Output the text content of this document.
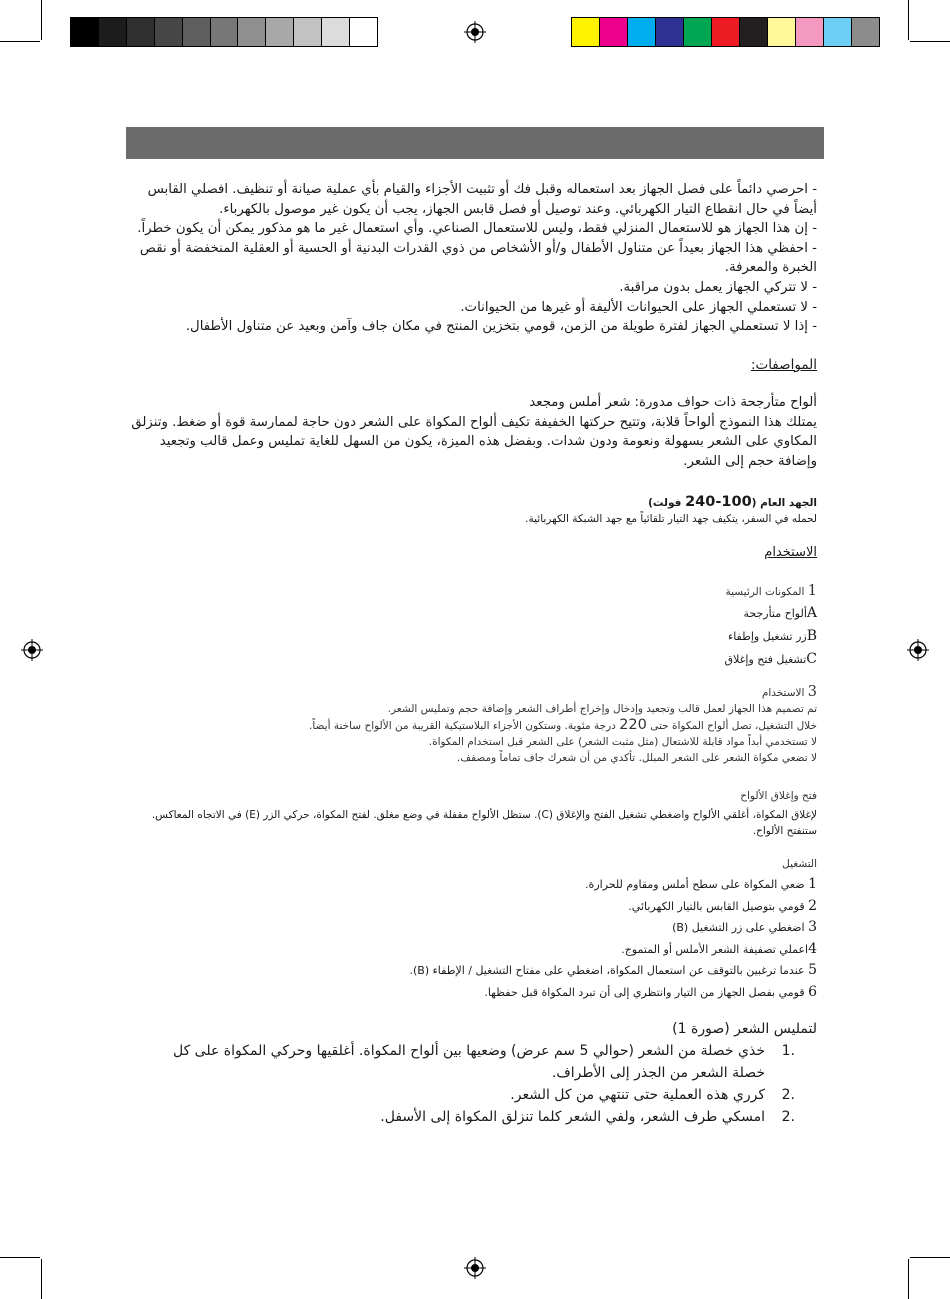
- احرصي دائماً على فصل الجهاز بعد استعماله وقبل فك أو تثبيت الأجزاء والقيام بأي عملية صيانة أو تنظيف. افصلي القابس أيضاً في حال انقطاع التيار الكهربائي. وعند توصيل أو فصل قابس الجهاز، يجب أن يكون غير موصول بالكهرباء.

- إن هذا الجهاز هو للاستعمال المنزلي فقط، وليس للاستعمال الصناعي. وأي استعمال غير ما هو مذكور يمكن أن يكون خطراً.

- احفظي هذا الجهاز بعيداً عن متناول الأطفال و/أو الأشخاص من ذوي القدرات البدنية أو الحسية أو العقلية المنخفضة أو نقص الخبرة والمعرفة.

- لا تتركي الجهاز يعمل بدون مراقبة.

- لا تستعملي الجهاز على الحيوانات الأليفة أو غيرها من الحيوانات.

- إذا لا تستعملي الجهاز لفترة طويلة من الزمن، قومي بتخزين المنتج في مكان جاف وآمن وبعيد عن متناول الأطفال.

المواصفات:

ألواح متأرجحة ذات حواف مدورة: شعر أملس ومجعد

يمتلك هذا النموذج ألواحاً قلابة، وتتيح حركتها الخفيفة تكيف ألواح المكواة على الشعر دون حاجة لممارسة قوة أو ضغط. وتنزلق المكاوي على الشعر بسهولة ونعومة ودون شدات. وبفضل هذه الميزة، يكون من السهل للغاية تمليس وعمل قالب وتجعيد وإضافة حجم إلى الشعر.

الجهد العام (100-240 فولت)
لحمله في السفر، يتكيف جهد التيار تلقائياً مع جهد الشبكة الكهربائية.
الاستخدام
1 المكونات الرئيسية
Aألواح متأرجحة
Bزر تشغيل وإطفاء
Cتشغيل فتح وإغلاق
3 الاستخدام
تم تصميم هذا الجهاز لعمل قالب وتجعيد وإدخال وإخراج أطراف الشعر وإضافة حجم وتمليس الشعر.
خلال التشغيل، تصل ألواح المكواة حتى 220 درجة مئوية. وستكون الأجزاء البلاستيكية القريبة من الألواح ساخنة أيضاً.
لا تستخدمي أبداً مواد قابلة للاشتعال (مثل مثبت الشعر) على الشعر قبل استخدام المكواة.
لا تضعي مكواة الشعر على الشعر المبلل. تأكدي من أن شعرك جاف تماماً ومصفف.
فتح وإغلاق الألواح
لإغلاق المكواة، أغلقي الألواح واضغطي تشغيل الفتح والإغلاق (C). ستظل الألواح مقفلة في وضع مغلق. لفتح المكواة، حركي الزر (E) في الاتجاه المعاكس. ستنفتح الألواح.
التشغيل
1 ضعي المكواة على سطح أملس ومقاوم للحرارة.
2 قومي بتوصيل القابس بالتيار الكهربائي.
3 اضغطي على زر التشغيل (B)
4اعملي تصفيفة الشعر الأملس أو المتموج.
5 عندما ترغبين بالتوقف عن استعمال المكواة، اضغطي على مفتاح التشغيل / الإطفاء (B).
6 قومي بفصل الجهاز من التيار وانتظري إلى أن تبرد المكواة قبل حفظها.
لتمليس الشعر (صورة 1)
.1
خذي خصلة من الشعر (حوالي 5 سم عرض) وضعيها بين ألواح المكواة. أغلقيها وحركي المكواة على كل خصلة الشعر من الجذر إلى الأطراف.
.2
كرري هذه العملية حتى تنتهي من كل الشعر.
.2
امسكي طرف الشعر، ولفي الشعر كلما تنزلق المكواة إلى الأسفل.
